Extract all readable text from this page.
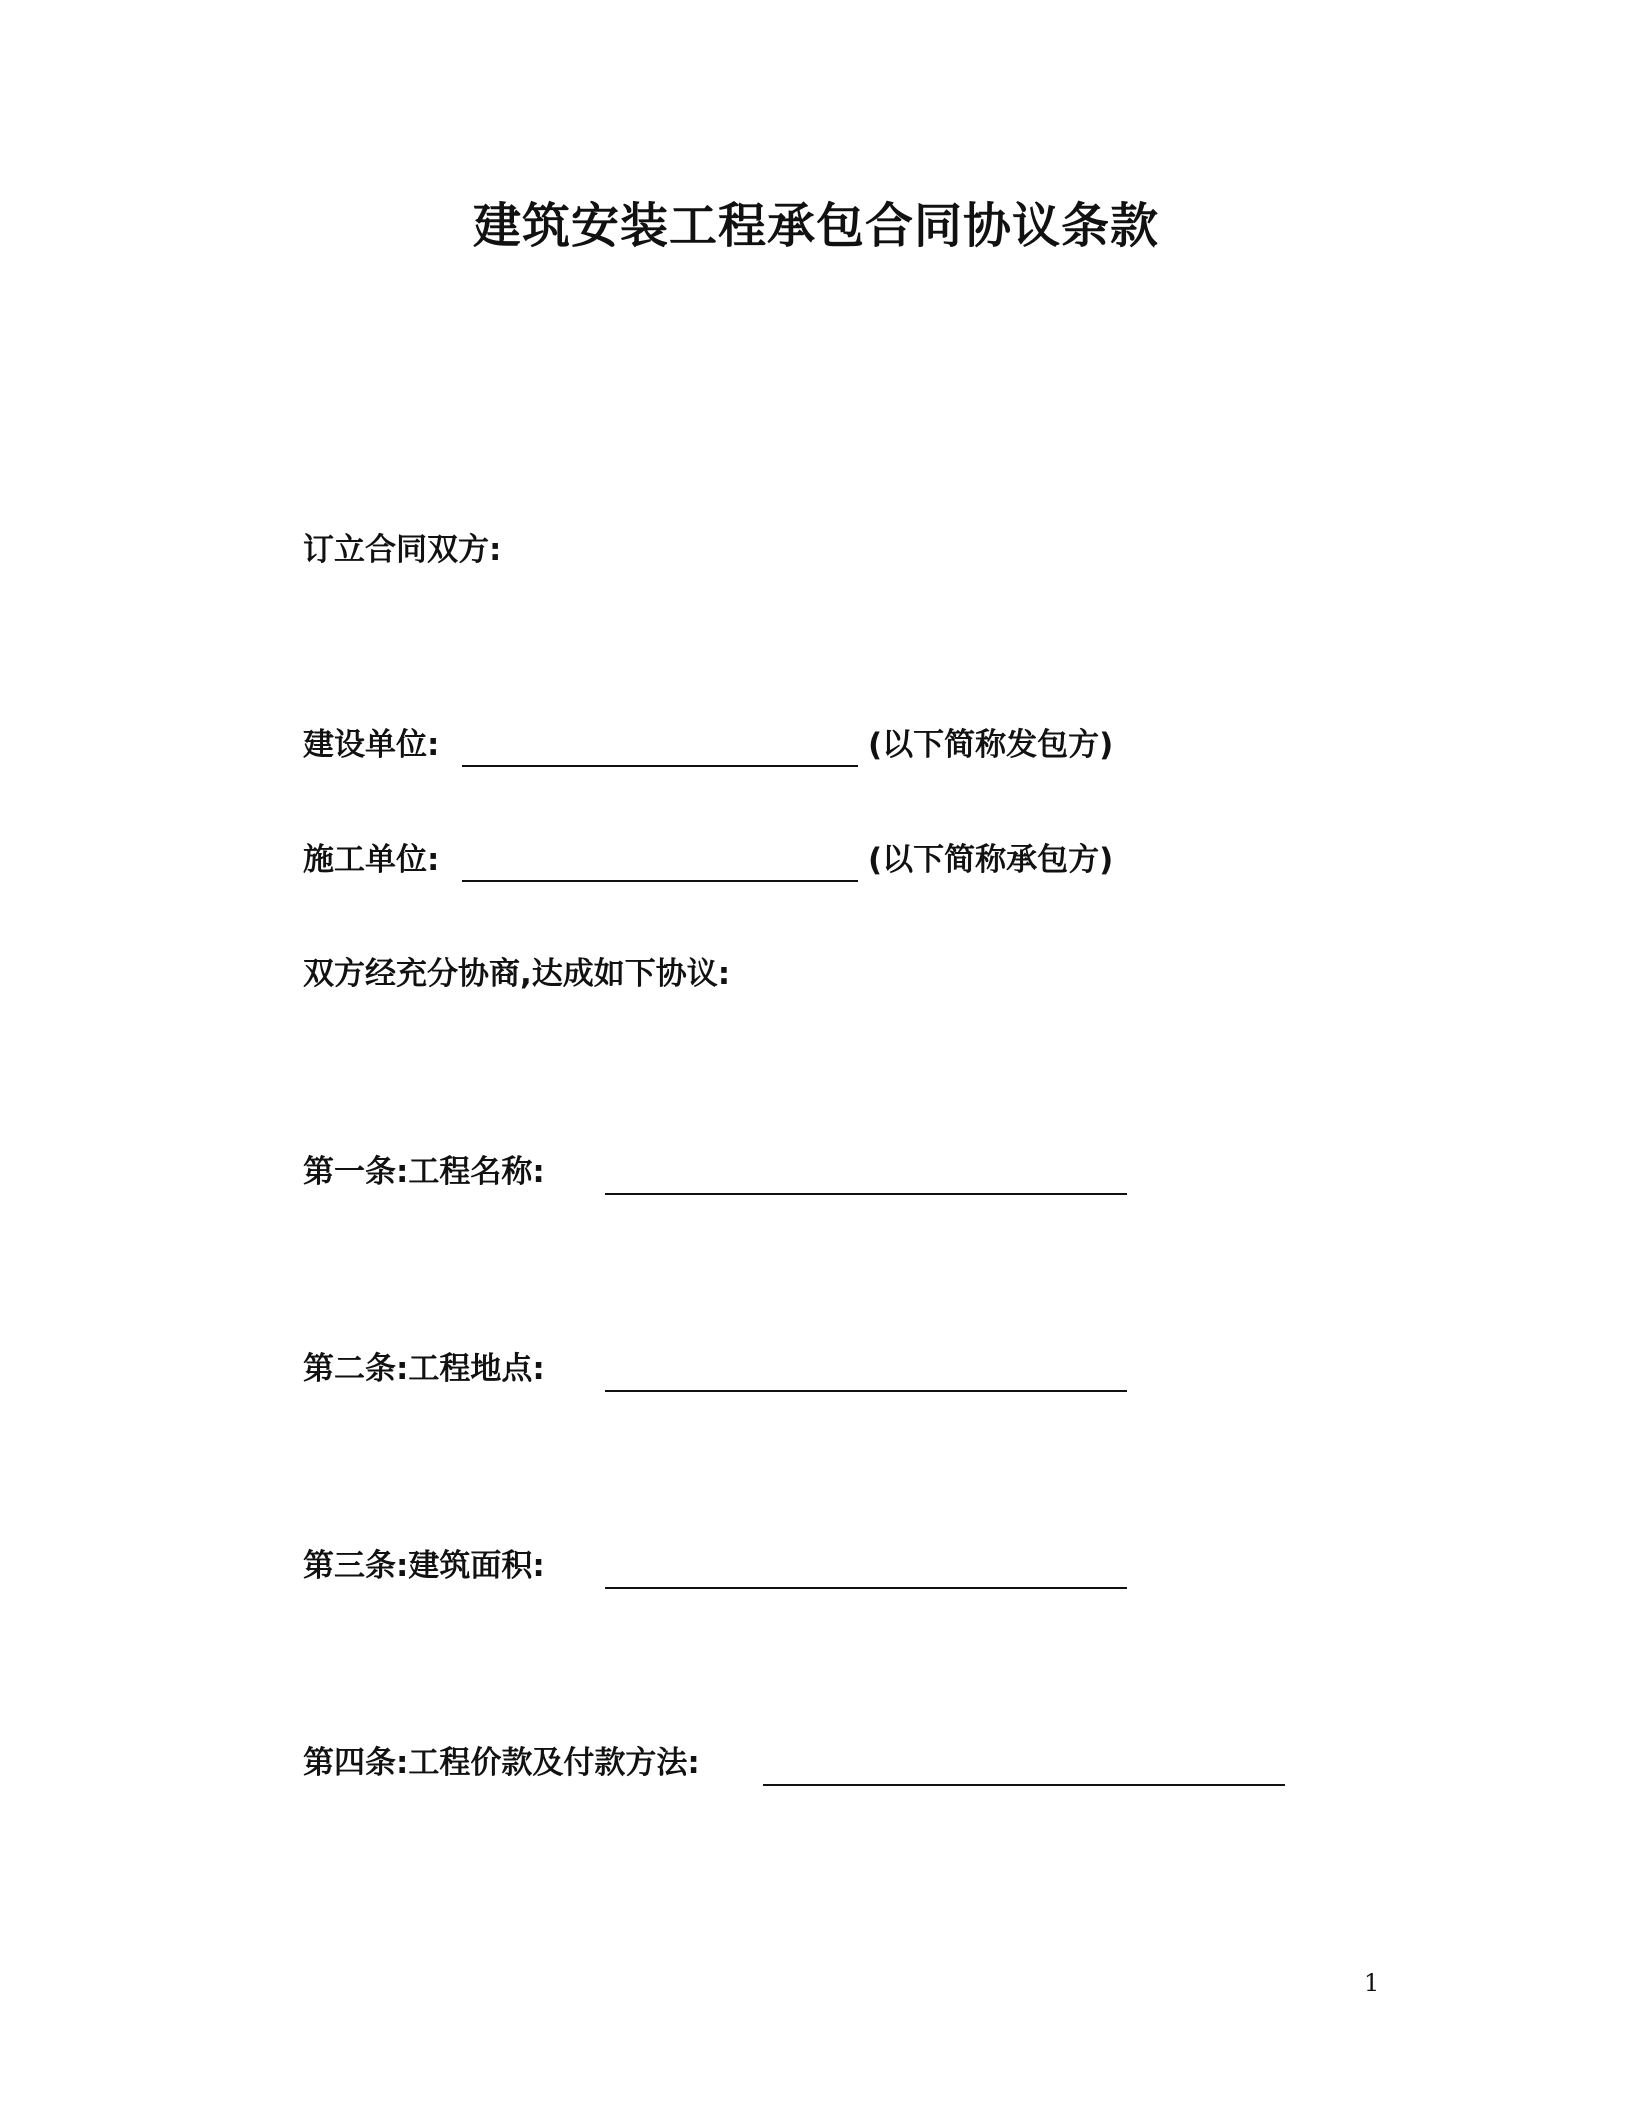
建筑安装工程承包合同协议条款
订立合同双方:
建设单位:	(以下简称发包方)
施工单位:	(以下简称承包方)
双方经充分协商,达成如下协议:
第一条:工程名称:
第二条:工程地点:
第三条:建筑面积:
第四条:工程价款及付款方法:
1
